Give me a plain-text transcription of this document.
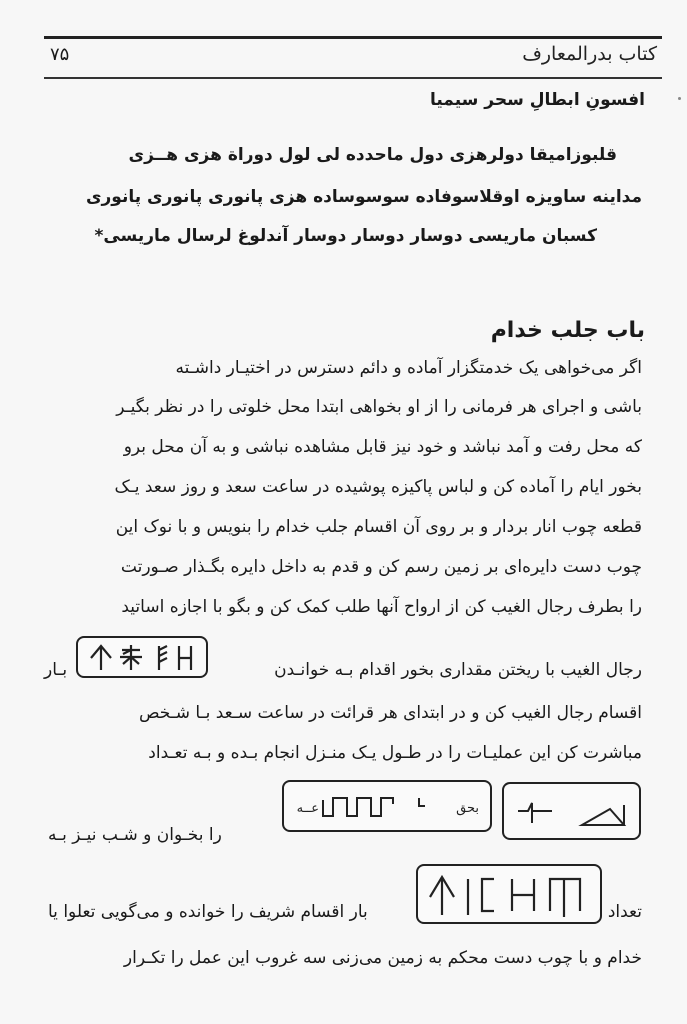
۷۵	کتاب بدرالمعارف
افسونِ ابطالِ سحر سیمیا
قلبوزامیقا دولرهزی دول ماحدده لی لول دوراة هزی هــزی
مداینه ساویزه اوقلاسوفاده سوسوساده هزی پانوری پانوری پانوری
کسبان ماریسی دوسار دوسار دوسار آندلوغ لرسال ماریسی*
باب جلب خدام
اگر می‌خواهی یک خدمتگزار آماده و دائم دسترس در اختیـار داشـته
باشی و اجرای هر فرمانی را از او بخواهی ابتدا محل خلوتی را در نظر بگیـر
که محل رفت و آمد نباشد و خود نیز قابل مشاهده نباشی و به آن محل برو
بخور ایام را آماده کن و لباس پاکیزه پوشیده در ساعت سعد و روز سعد یـک
قطعه چوب انار بردار و بر روی آن اقسام جلب خدام را بنویس و با نوک این
چوب دست دایره‌ای بر زمین رسم کن و قدم به داخل دایره بگـذار صـورتت
را بطرف رجال الغیب کن از ارواح آنها طلب کمک کن و بگو با اجازه اساتید
رجال الغیب با ریختن مقداری بخور اقدام بـه خوانـدن
بـار
اقسام رجال الغیب کن و در ابتدای هر قرائت در ساعت سـعد بـا شـخص
مباشرت کن این عملیـات را در طـول یـک منـزل انجام بـده و بـه تعـداد
بحق
عــه
را بخـوان و شـب نیـز بـه
تعداد
بار اقسام شریف را خوانده و می‌گویی تعلوا یا
خدام و با چوب دست محکم به زمین می‌زنی سه غروب این عمل را تکـرار
